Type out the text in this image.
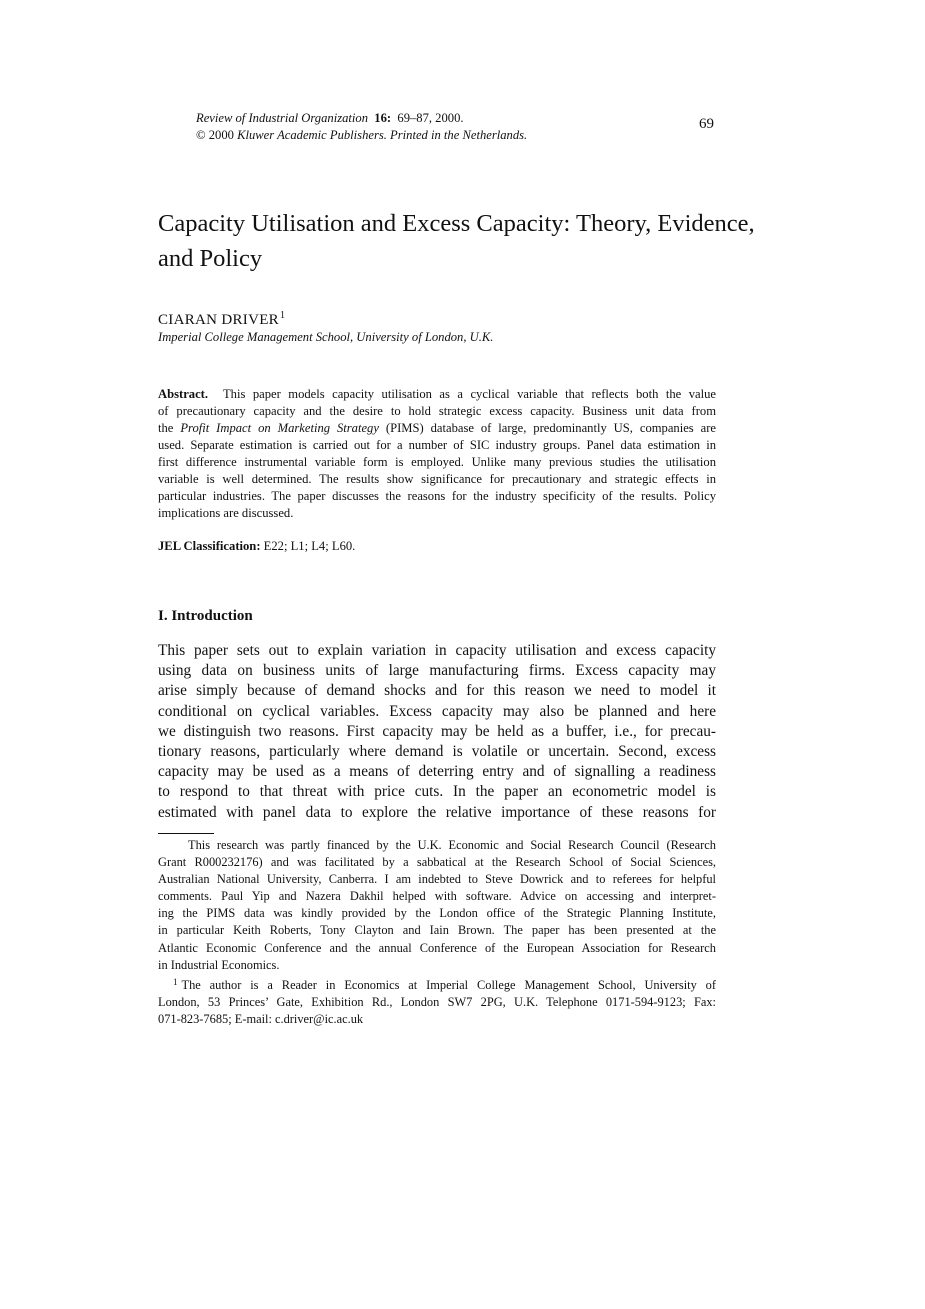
Review of Industrial Organization 16: 69–87, 2000.
© 2000 Kluwer Academic Publishers. Printed in the Netherlands.
69
Capacity Utilisation and Excess Capacity: Theory, Evidence, and Policy
CIARAN DRIVER$^1$
Imperial College Management School, University of London, U.K.
Abstract. This paper models capacity utilisation as a cyclical variable that reflects both the value
of precautionary capacity and the desire to hold strategic excess capacity. Business unit data from
the Profit Impact on Marketing Strategy (PIMS) database of large, predominantly US, companies are
used. Separate estimation is carried out for a number of SIC industry groups. Panel data estimation in
first difference instrumental variable form is employed. Unlike many previous studies the utilisation
variable is well determined. The results show significance for precautionary and strategic effects in
particular industries. The paper discusses the reasons for the industry specificity of the results. Policy
implications are discussed.
JEL Classification: E22; L1; L4; L60.
I. Introduction
This paper sets out to explain variation in capacity utilisation and excess capacity
using data on business units of large manufacturing firms. Excess capacity may
arise simply because of demand shocks and for this reason we need to model it
conditional on cyclical variables. Excess capacity may also be planned and here
we distinguish two reasons. First capacity may be held as a buffer, i.e., for precau-
tionary reasons, particularly where demand is volatile or uncertain. Second, excess
capacity may be used as a means of deterring entry and of signalling a readiness
to respond to that threat with price cuts. In the paper an econometric model is
estimated with panel data to explore the relative importance of these reasons for
This research was partly financed by the U.K. Economic and Social Research Council (Research
Grant R000232176) and was facilitated by a sabbatical at the Research School of Social Sciences,
Australian National University, Canberra. I am indebted to Steve Dowrick and to referees for helpful
comments. Paul Yip and Nazera Dakhil helped with software. Advice on accessing and interpret-
ing the PIMS data was kindly provided by the London office of the Strategic Planning Institute,
in particular Keith Roberts, Tony Clayton and Iain Brown. The paper has been presented at the
Atlantic Economic Conference and the annual Conference of the European Association for Research
in Industrial Economics.
$^1$ The author is a Reader in Economics at Imperial College Management School, University of
London, 53 Princes’ Gate, Exhibition Rd., London SW7 2PG, U.K. Telephone 0171-594-9123; Fax:
071-823-7685; E-mail: c.driver@ic.ac.uk
